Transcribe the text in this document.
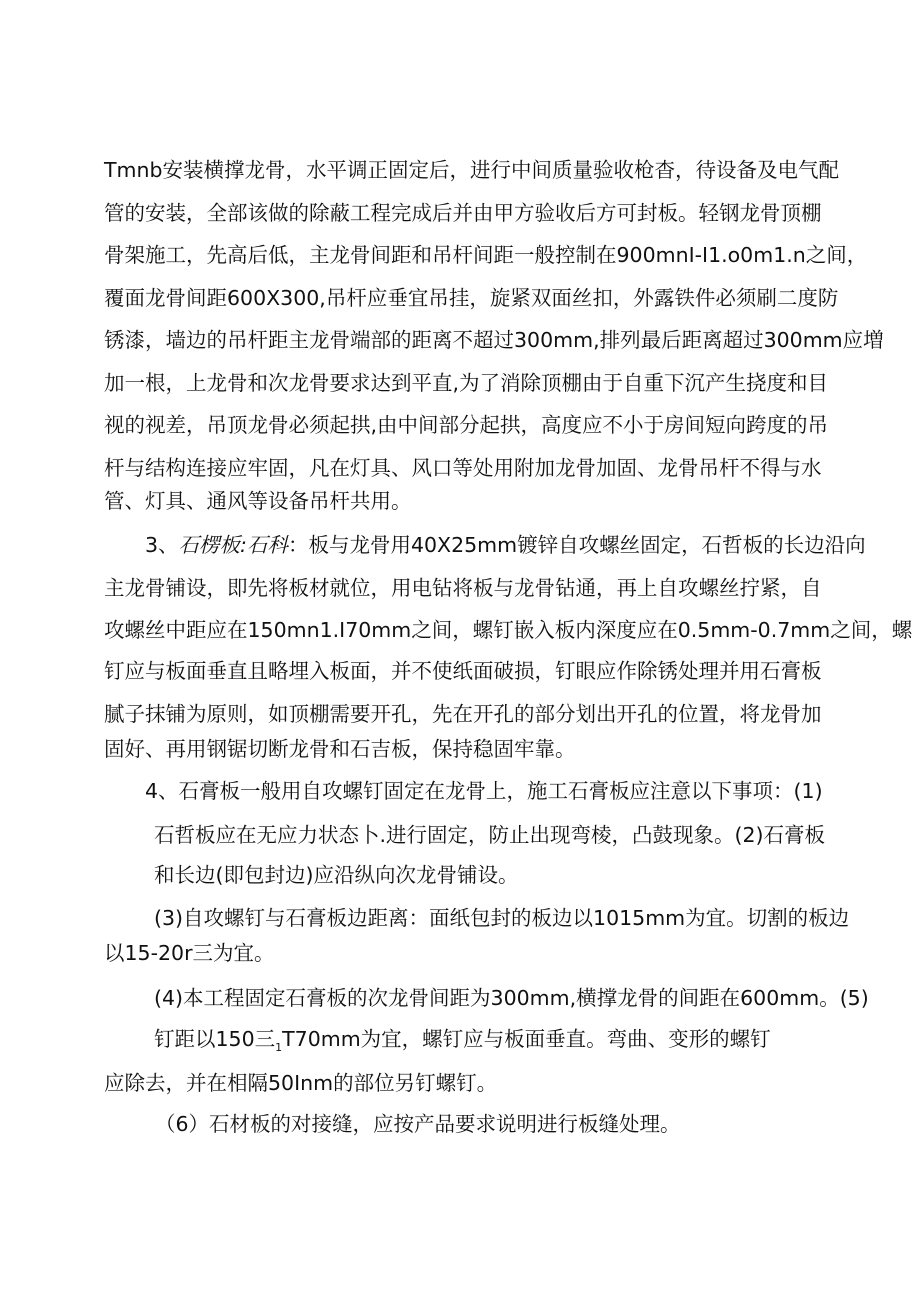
Tmnb安装横撑龙骨，水平调正固定后，进行中间质量验收枪杳，待设备及电气配
管的安装，全部该做的除蔽工程完成后并由甲方验收后方可封板。轻钢龙骨顶棚
骨架施工，先高后低，主龙骨间距和吊杆间距一般控制在900mnI-I1.o0m1.n之间，
覆面龙骨间距600X300,吊杆应垂宜吊挂，旋紧双面丝扣，外露铁件必须刷二度防
锈漆，墙边的吊杆距主龙骨端部的距离不超过300mm,排列最后距离超过300mm应増
加一根，上龙骨和次龙骨要求达到平直,为了消除顶棚由于自重下沉产生挠度和目
视的视差，吊顶龙骨必须起拱,由中间部分起拱，高度应不小于房间短向跨度的吊
杆与结构连接应牢固，凡在灯具、风口等处用附加龙骨加固、龙骨吊杆不得与水
管、灯具、通风等设备吊杆共用。
3、石楞板:石科：板与龙骨用40X25mm镀锌自攻螺丝固定，石哲板的长边沿向
主龙骨铺设，即先将板材就位，用电钻将板与龙骨钻通，再上自攻螺丝拧紧，自
攻螺丝中距应在150mn1.I70mm之间，螺钉嵌入板内深度应在0.5mm-0.7mm之间，螺
钉应与板面垂直且略埋入板面，并不使纸面破损，钉眼应作除锈处理并用石膏板
腻子抹铺为原则，如顶棚需要开孔，先在开孔的部分划出开孔的位置，将龙骨加
固好、再用钢锯切断龙骨和石吉板，保持稳固牢靠。
4、石膏板一般用自攻螺钉固定在龙骨上，施工石膏板应注意以下事项：(1)
石哲板应在无应力状态卜.进行固定，防止出现弯棱，凸鼓现象。(2)石膏板
和长边(即包封边)应沿纵向次龙骨铺设。
(3)自攻螺钉与石膏板边距离：面纸包封的板边以1015mm为宜。切割的板边
以15-20r三为宜。
(4)本工程固定石膏板的次龙骨间距为300mm,横撑龙骨的间距在600mm。(5)
钉距以150三$_1$T70mm为宜，螺钉应与板面垂直。弯曲、变形的螺钉
应除去，并在相隔50Inm的部位另钉螺钉。
（6）石材板的对接缝，应按产品要求说明进行板缝处理。
